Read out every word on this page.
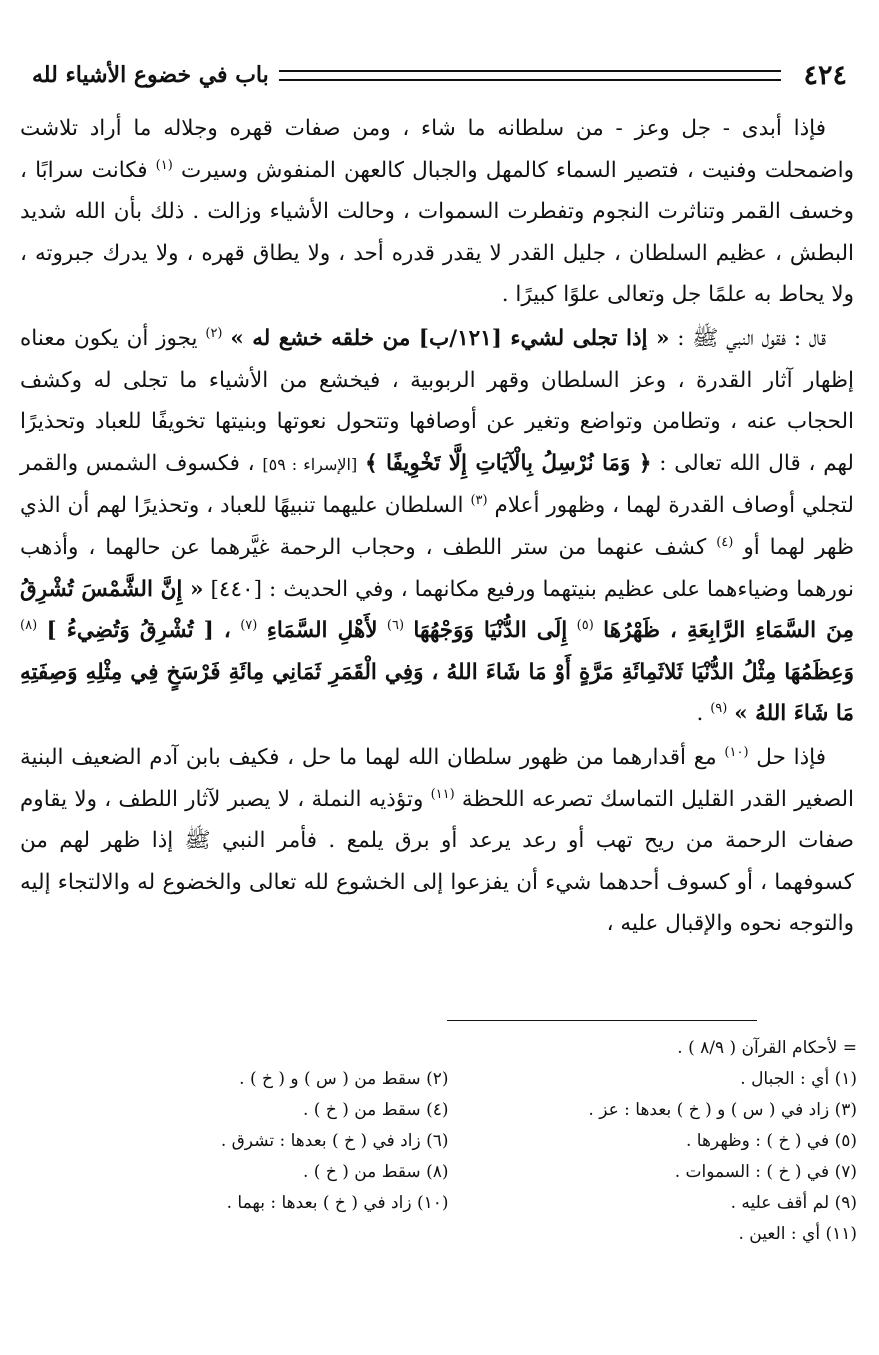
٤٢٤
باب في خضوع الأشياء لله

فإذا أبدى - جل وعز - من سلطانه ما شاء ، ومن صفات قهره وجلاله ما أراد تلاشت واضمحلت وفنيت ، فتصير السماء كالمهل والجبال كالعهن المنفوش وسيرت $^{(١)}$ فكانت سرابًا ، وخسف القمر وتناثرت النجوم وتفطرت السموات ، وحالت الأشياء وزالت . ذلك بأن الله شديد البطش ، عظيم السلطان ، جليل القدر لا يقدر قدره أحد ، ولا يطاق قهره ، ولا يدرك جبروته ، ولا يحاط به علمًا جل وتعالى علوًا كبيرًا .

قال : فقول النبي ﷺ : « إذا تجلى لشيء [١٢١/ب] من خلقه خشع له » $^{(٢)}$ يجوز أن يكون معناه إظهار آثار القدرة ، وعز السلطان وقهر الربوبية ، فيخشع من الأشياء ما تجلى له وكشف الحجاب عنه ، وتطامن وتواضع وتغير عن أوصافها وتتحول نعوتها وبنيتها تخويفًا للعباد وتحذيرًا لهم ، قال الله تعالى : ﴿ وَمَا نُرْسِلُ بِالْآيَاتِ إِلَّا تَخْوِيفًا ﴾ [الإسراء : ٥٩] ، فكسوف الشمس والقمر لتجلي أوصاف القدرة لهما ، وظهور أعلام $^{(٣)}$ السلطان عليهما تنبيهًا للعباد ، وتحذيرًا لهم أن الذي ظهر لهما أو $^{(٤)}$ كشف عنهما من ستر اللطف ، وحجاب الرحمة غيَّرهما عن حالهما ، وأذهب نورهما وضياءهما على عظيم بنيتهما ورفيع مكانهما ، وفي الحديث : [٤٤٠] « إِنَّ الشَّمْسَ تُشْرِقُ مِنَ السَّمَاءِ الرَّابِعَةِ ، ظَهْرُهَا $^{(٥)}$ إِلَى الدُّنْيَا وَوَجْهُهَا $^{(٦)}$ لأَهْلِ السَّمَاءِ $^{(٧)}$ ، [ تُشْرِقُ وَتُضِيءُ ] $^{(٨)}$ وَعِظَمُهَا مِثْلُ الدُّنْيَا ثَلاثَمِائَةِ مَرَّةٍ أَوْ مَا شَاءَ اللهُ ، وَفِي الْقَمَرِ ثَمَانِي مِائَةِ فَرْسَخٍ فِي مِثْلِهِ وَصِفَتِهِ مَا شَاءَ اللهُ » $^{(٩)}$ .

فإذا حل $^{(١٠)}$ مع أقدارهما من ظهور سلطان الله لهما ما حل ، فكيف بابن آدم الضعيف البنية الصغير القدر القليل التماسك تصرعه اللحظة $^{(١١)}$ وتؤذيه النملة ، لا يصبر لآثار اللطف ، ولا يقاوم صفات الرحمة من ريح تهب أو رعد يرعد أو برق يلمع . فأمر النبي ﷺ إذا ظهر لهم من كسوفهما ، أو كسوف أحدهما شيء أن يفزعوا إلى الخشوع لله تعالى والخضوع له والالتجاء إليه والتوجه نحوه والإقبال عليه ،

= لأحكام القرآن ( ٨/٩ ) .
(١) أي : الجبال .
(٢) سقط من ( س ) و ( خ ) .
(٣) زاد في ( س ) و ( خ ) بعدها : عز .
(٤) سقط من ( خ ) .
(٥) في ( خ ) : وظهرها .
(٦) زاد في ( خ ) بعدها : تشرق .
(٧) في ( خ ) : السموات .
(٨) سقط من ( خ ) .
(٩) لم أقف عليه .
(١٠) زاد في ( خ ) بعدها : بهما .
(١١) أي : العين .
